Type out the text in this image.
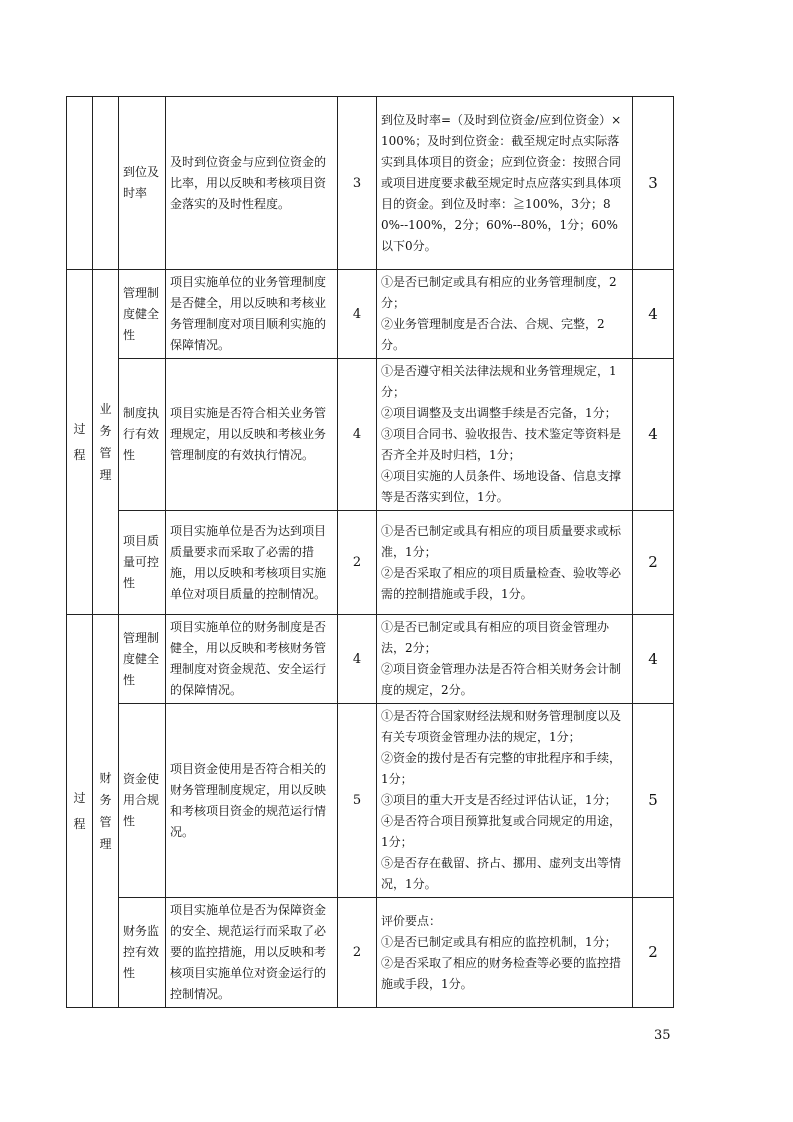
		到位及
时率	及时到位资金与应到位资金的比率，用以反映和考核项目资金落实的及时性程度。	3	到位及时率=（及时到位资金/应到位资金）×100%；及时到位资金：截至规定时点实际落实到具体项目的资金；应到位资金：按照合同或项目进度要求截至规定时点应落实到具体项目的资金。到位及时率：≧100%，3分；80%--100%，2分；60%--80%，1分；60%以下0分。	3
过程	业务管理	管理制
度健全
性	项目实施单位的业务管理制度是否健全，用以反映和考核业务管理制度对项目顺利实施的保障情况。	4	①是否已制定或具有相应的业务管理制度，2分；
②业务管理制度是否合法、合规、完整，2分。	4
		制度执
行有效
性	项目实施是否符合相关业务管理规定，用以反映和考核业务管理制度的有效执行情况。	4	①是否遵守相关法律法规和业务管理规定，1分；
②项目调整及支出调整手续是否完备，1分；
③项目合同书、验收报告、技术鉴定等资料是否齐全并及时归档，1分；
④项目实施的人员条件、场地设备、信息支撑等是否落实到位，1分。	4
		项目质
量可控
性	项目实施单位是否为达到项目质量要求而采取了必需的措施，用以反映和考核项目实施单位对项目质量的控制情况。	2	①是否已制定或具有相应的项目质量要求或标准，1分；
②是否采取了相应的项目质量检查、验收等必需的控制措施或手段，1分。	2
过程	财务管理	管理制
度健全
性	项目实施单位的财务制度是否健全，用以反映和考核财务管理制度对资金规范、安全运行的保障情况。	4	①是否已制定或具有相应的项目资金管理办法，2分；
②项目资金管理办法是否符合相关财务会计制度的规定，2分。	4
		资金使
用合规
性	项目资金使用是否符合相关的财务管理制度规定，用以反映和考核项目资金的规范运行情况。	5	①是否符合国家财经法规和财务管理制度以及有关专项资金管理办法的规定，1分；
②资金的拨付是否有完整的审批程序和手续，1分；
③项目的重大开支是否经过评估认证，1分；
④是否符合项目预算批复或合同规定的用途，1分；
⑤是否存在截留、挤占、挪用、虚列支出等情况，1分。	5
		财务监
控有效
性	项目实施单位是否为保障资金的安全、规范运行而采取了必要的监控措施，用以反映和考核项目实施单位对资金运行的控制情况。	2	评价要点：
①是否已制定或具有相应的监控机制，1分；
②是否采取了相应的财务检查等必要的监控措施或手段，1分。	2
35
